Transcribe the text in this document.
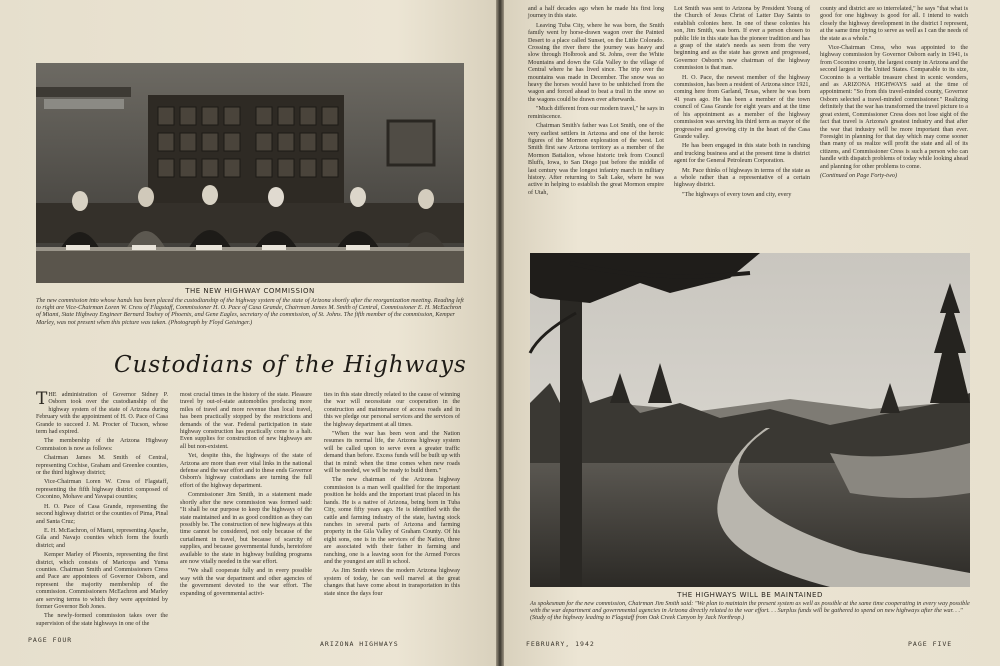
THE NEW HIGHWAY COMMISSION
The new commission into whose hands has been placed the custodianship of the highway system of the state of Arizona shortly after the reorganization meeting. Reading left to right are Vice-Chairman Loren W. Cress of Flagstaff, Commissioner H. O. Pace of Casa Grande, Chairman James M. Smith of Central, Commissioner E. H. McEachron of Miami, State Highway Engineer Bernard Touhey of Phoenix, and Gene Eagles, secretary of the commission, of St. Johns. The fifth member of the commission, Kemper Marley, was not present when this picture was taken. (Photograph by Floyd Getsinger.)
Custodians of the Highways

THE administration of Governor Sidney P. Osborn took over the custodianship of the highway system of the state of Arizona during February with the appointment of H. O. Pace of Casa Grande to succeed J. M. Procter of Tucson, whose term had expired.

The membership of the Arizona Highway Commission is now as follows:

Chairman James M. Smith of Central, representing Cochise, Graham and Greenlee counties, or the third highway district;

Vice-Chairman Loren W. Cress of Flagstaff, representing the fifth highway district composed of Coconino, Mohave and Yavapai counties;

H. O. Pace of Casa Grande, representing the second highway district or the counties of Pima, Pinal and Santa Cruz;

E. H. McEachron, of Miami, representing Apache, Gila and Navajo counties which form the fourth district; and

Kemper Marley of Phoenix, representing the first district, which consists of Maricopa and Yuma counties. Chairman Smith and Commissioners Cress and Pace are appointees of Governor Osborn, and represent the majority membership of the commission. Commissioners McEachron and Marley are serving terms to which they were appointed by former Governor Bob Jones.

The newly-formed commission takes over the supervision of the state highways in one of the

most crucial times in the history of the state. Pleasure travel by out-of-state automobiles producing more miles of travel and more revenue than local travel, has been practically stopped by the restrictions and demands of the war. Federal participation in state highway construction has practically come to a halt. Even supplies for construction of new highways are all but non-existent.

Yet, despite this, the highways of the state of Arizona are more than ever vital links in the national defense and the war effort and to these ends Governor Osborn's highway custodians are turning the full effort of the highway department.

Commissioner Jim Smith, in a statement made shortly after the new commission was formed said: "It shall be our purpose to keep the highways of the state maintained and in as good condition as they can possibly be. The construction of new highways at this time cannot be considered, not only because of the curtailment in travel, but because of scarcity of supplies, and because governmental funds, heretofore available to the state in highway building programs are now vitally needed in the war effort.

"We shall cooperate fully and in every possible way with the war department and other agencies of the government devoted to the war effort. The expanding of governmental activi-

ties in this state directly related to the cause of winning the war will necessitate our cooperation in the construction and maintenance of access roads and in this we pledge our personal services and the services of the highway department at all times.

"When the war has been won and the Nation resumes its normal life, the Arizona highway system will be called upon to serve even a greater traffic demand than before. Excess funds will be built up with that in mind: when the time comes when new roads will be needed, we will be ready to build them."

The new chairman of the Arizona highway commission is a man well qualified for the important position he holds and the important trust placed in his hands. He is a native of Arizona, being born in Tuba City, some fifty years ago. He is identified with the cattle and farming industry of the state, having stock ranches in several parts of Arizona and farming property in the Gila Valley of Graham County. Of his eight sons, one is in the services of the Nation, three are associated with their father in farming and ranching, one is a leaving soon for the Armed Forces and the youngest are still in school.

As Jim Smith views the modern Arizona highway system of today, he can well marvel at the great changes that have come about in transportation in this state since the days four

PAGE FOUR	ARIZONA HIGHWAYS

and a half decades ago when he made his first long journey in this state.

Leaving Tuba City, where he was born, the Smith family went by horse-drawn wagon over the Painted Desert to a place called Sunset, on the Little Colorado. Crossing the river there the journey was heavy and slow through Holbrook and St. Johns, over the White Mountains and down the Gila Valley to the village of Central where he has lived since. The trip over the mountains was made in December. The snow was so heavy the horses would have to be unhitched from the wagon and forced ahead to beat a trail in the snow so the wagons could be drawn over afterwards.

"Much different from our modern travel," he says in reminiscence.

Chairman Smith's father was Lot Smith, one of the very earliest settlers in Arizona and one of the heroic figures of the Mormon exploration of the west. Lot Smith first saw Arizona territory as a member of the Mormon Battalion, whose historic trek from Council Bluffs, Iowa, to San Diego just before the middle of last century was the longest infantry march in military history. After returning to Salt Lake, where he was active in helping to establish the great Mormon empire of Utah,

Lot Smith was sent to Arizona by President Young of the Church of Jesus Christ of Latter Day Saints to establish colonies here. In one of these colonies his son, Jim Smith, was born. If ever a person chosen to public life in this state has the pioneer tradition and has a grasp of the state's needs as seen from the very beginning and as the state has grown and progressed, Governor Osborn's new chairman of the highway commission is that man.

H. O. Pace, the newest member of the highway commission, has been a resident of Arizona since 1921, coming here from Garland, Texas, where he was born 41 years ago. He has been a member of the town council of Casa Grande for eight years and at the time of his appointment as a member of the highway commission was serving his third term as mayor of the progressive and growing city in the heart of the Casa Grande valley.

He has been engaged in this state both in ranching and trucking business and at the present time is district agent for the General Petroleum Corporation.

Mr. Pace thinks of highways in terms of the state as a whole rather than a representative of a certain highway district.

"The highways of every town and city, every

county and district are so interrelated," he says "that what is good for one highway is good for all. I intend to watch closely the highway development in the district I represent, at the same time trying to serve as well as I can the needs of the state as a whole."

Vice-Chairman Cress, who was appointed to the highway commission by Governor Osborn early in 1941, is from Coconino county, the largest county in Arizona and the second largest in the United States. Comparable to its size, Coconino is a veritable treasure chest in scenic wonders, and as ARIZONA HIGHWAYS said at the time of appointment: "So from this travel-minded county, Governor Osborn selected a travel-minded commissioner." Realizing definitely that the war has transformed the travel picture to a great extent, Commissioner Cress does not lose sight of the fact that travel is Arizona's greatest industry and that after the war that industry will be more important than ever. Foresight in planning for that day which may come sooner than many of us realize will profit the state and all of its citizens, and Commissioner Cress is such a person who can handle with dispatch problems of today while looking ahead and planning for other problems to come.

(Continued on Page Forty-two)

THE HIGHWAYS WILL BE MAINTAINED
As spokesman for the new commission, Chairman Jim Smith said: "We plan to maintain the present system as well as possible at the same time cooperating in every way possible with the war department and governmental agencies in Arizona directly related to the war effort. . . Surplus funds will be gathered to spend on new highways after the war. . ." (Study of the highway leading to Flagstaff from Oak Creek Canyon by Jack Northrop.)
FEBRUARY, 1942	PAGE FIVE
